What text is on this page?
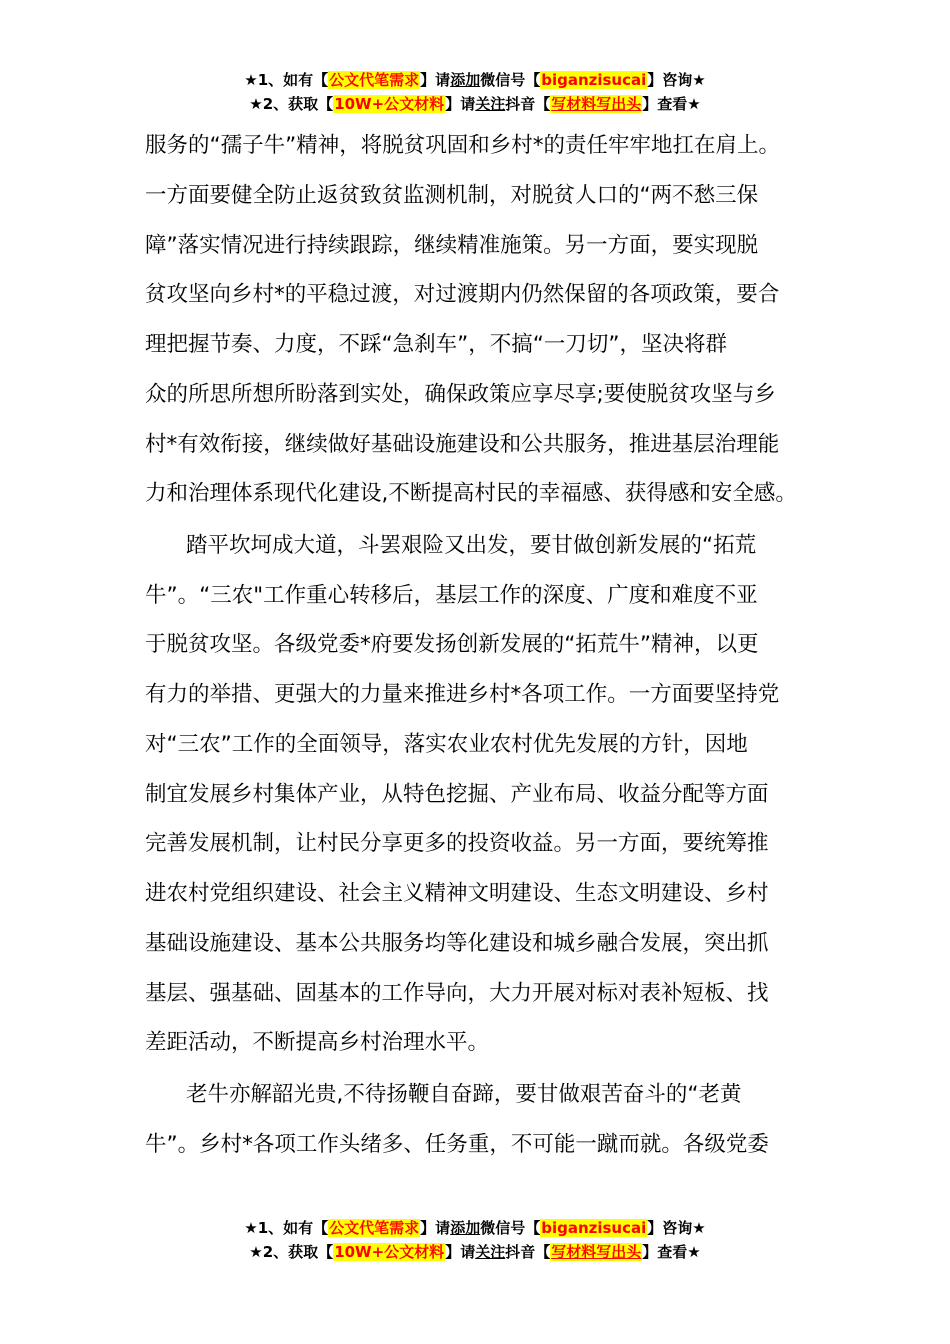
★1、如有【公文代笔需求】请添加微信号【biganzisucai】咨询★
★2、获取【10W+公文材料】请关注抖音【写材料写出头】查看★
服务的“孺子牛”精神，将脱贫巩固和乡村*的责任牢牢地扛在肩上。
一方面要健全防止返贫致贫监测机制，对脱贫人口的“两不愁三保
障”落实情况进行持续跟踪，继续精准施策。另一方面，要实现脱
贫攻坚向乡村*的平稳过渡，对过渡期内仍然保留的各项政策，要合
理把握节奏、力度，不踩“急刹车”，不搞“一刀切”，坚决将群
众的所思所想所盼落到实处，确保政策应享尽享;要使脱贫攻坚与乡
村*有效衔接，继续做好基础设施建设和公共服务，推进基层治理能
力和治理体系现代化建设,不断提高村民的幸福感、获得感和安全感。
踏平坎坷成大道，斗罢艰险又出发，要甘做创新发展的“拓荒
牛”。“三农"工作重心转移后，基层工作的深度、广度和难度不亚
于脱贫攻坚。各级党委*府要发扬创新发展的“拓荒牛”精神，以更
有力的举措、更强大的力量来推进乡村*各项工作。一方面要坚持党
对“三农”工作的全面领导，落实农业农村优先发展的方针，因地
制宜发展乡村集体产业，从特色挖掘、产业布局、收益分配等方面
完善发展机制，让村民分享更多的投资收益。另一方面，要统筹推
进农村党组织建设、社会主义精神文明建设、生态文明建设、乡村
基础设施建设、基本公共服务均等化建设和城乡融合发展，突出抓
基层、强基础、固基本的工作导向，大力开展对标对表补短板、找
差距活动，不断提高乡村治理水平。
老牛亦解韶光贵,不待扬鞭自奋蹄，要甘做艰苦奋斗的“老黄
牛”。乡村*各项工作头绪多、任务重，不可能一蹴而就。各级党委
★1、如有【公文代笔需求】请添加微信号【biganzisucai】咨询★
★2、获取【10W+公文材料】请关注抖音【写材料写出头】查看★
